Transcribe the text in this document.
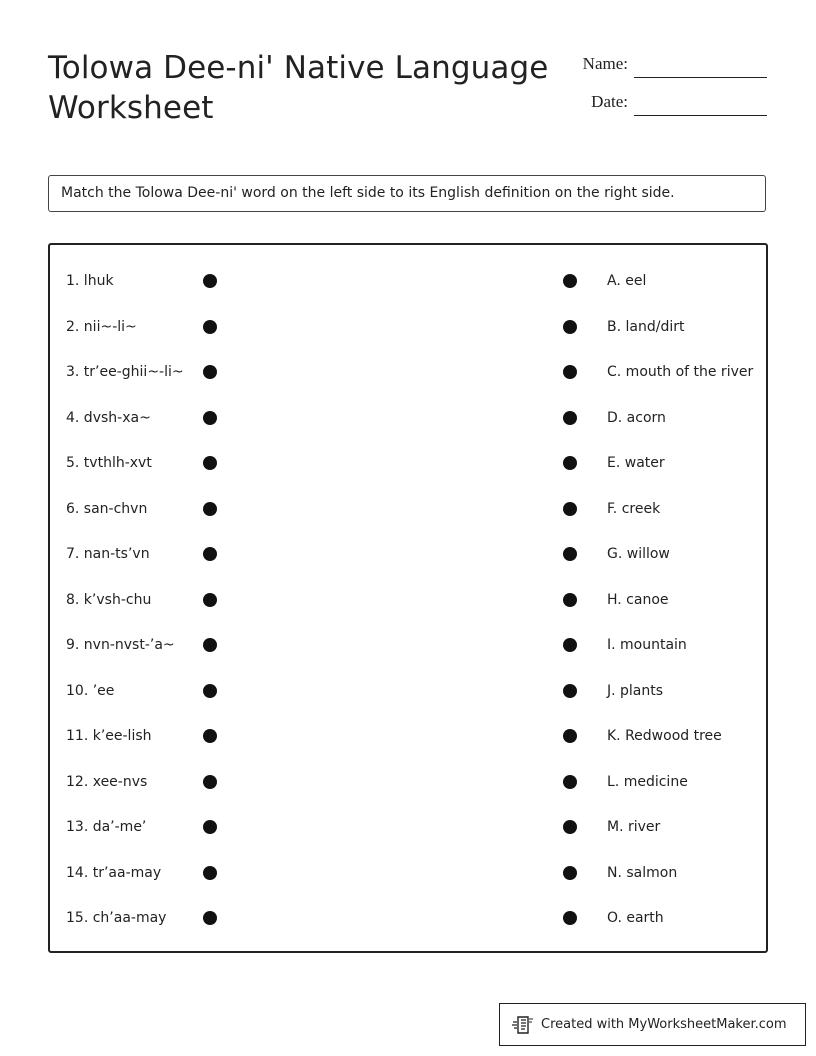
Tolowa Dee-ni' Native Language
Worksheet
Name:
Date:
Match the Tolowa Dee-ni' word on the left side to its English definition on the right side.
1. lhuk	A. eel
2. nii~-li~	B. land/dirt
3. tr’ee-ghii~-li~	C. mouth of the river
4. dvsh-xa~	D. acorn
5. tvthlh-xvt	E. water
6. san-chvn	F. creek
7. nan-ts’vn	G. willow
8. k’vsh-chu	H. canoe
9. nvn-nvst-’a~	I. mountain
10. ’ee	J. plants
11. k’ee-lish	K. Redwood tree
12. xee-nvs	L. medicine
13. da’-me’	M. river
14. tr’aa-may	N. salmon
15. ch’aa-may	O. earth
Created with MyWorksheetMaker.com
